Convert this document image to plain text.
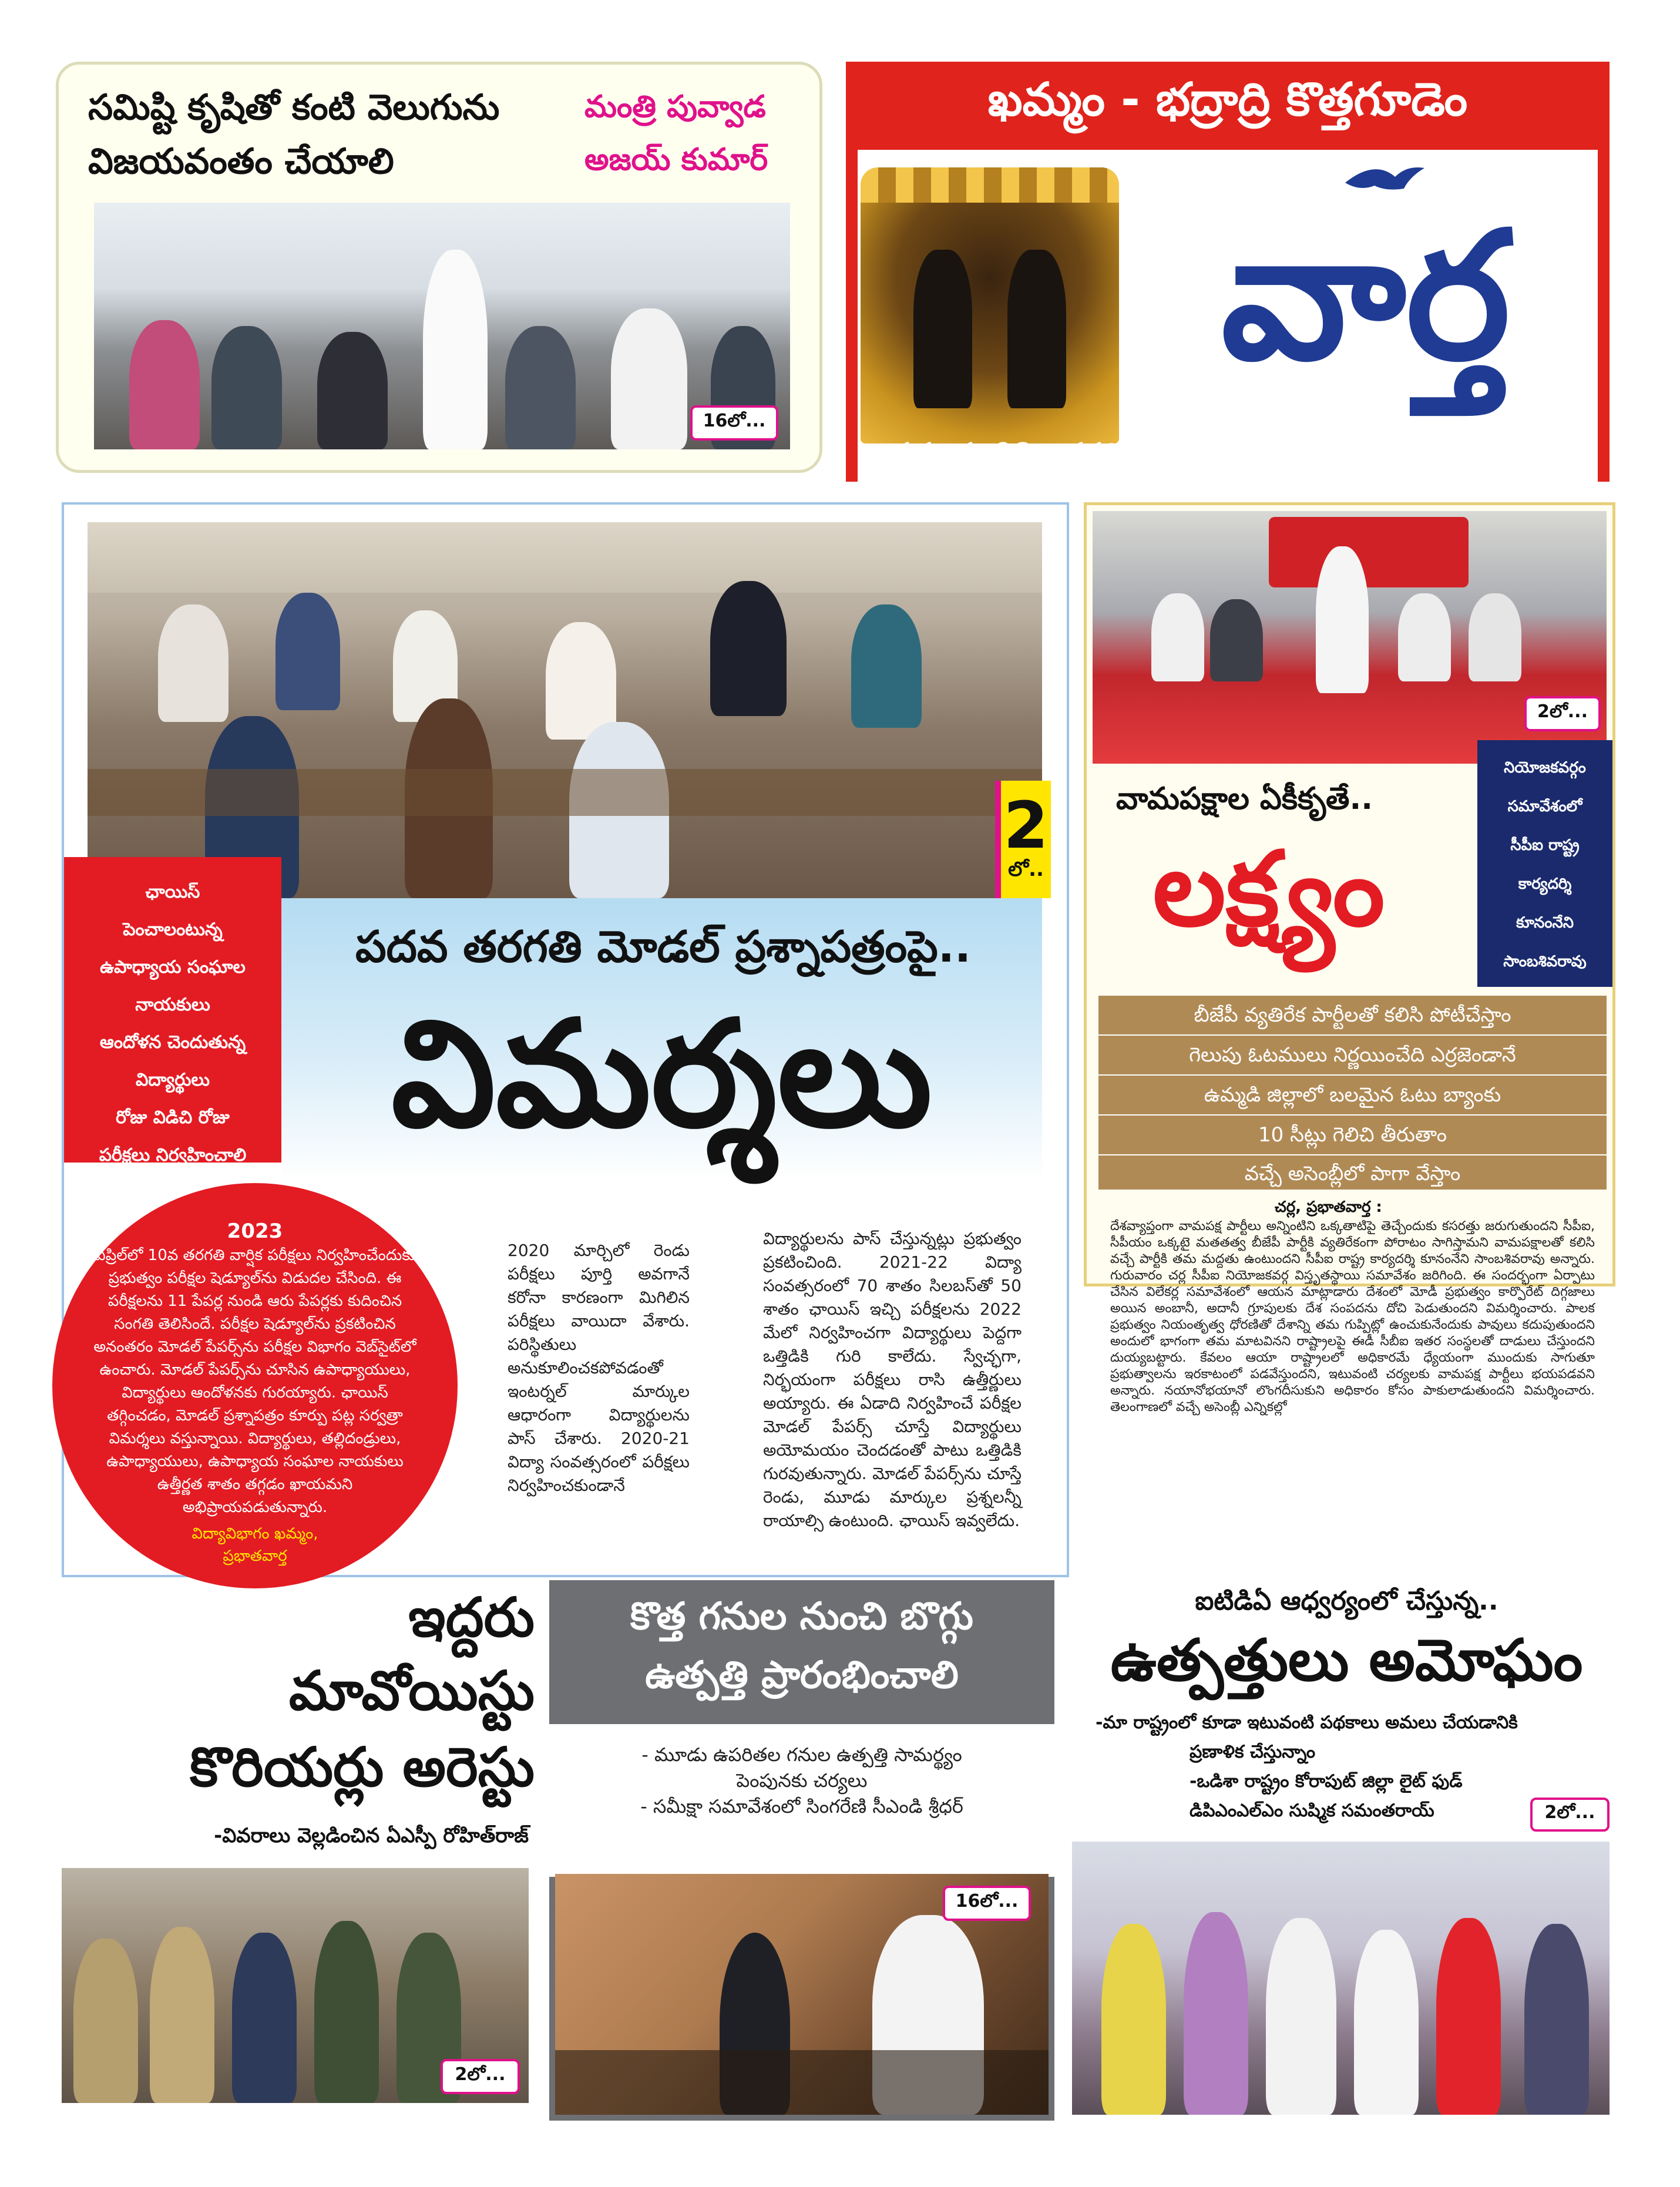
సమిష్టి కృషితో కంటి వెలుగును
విజయవంతం చేయాలి
మంత్రి పువ్వాడ
అజయ్ కుమార్
16లో...
ఖమ్మం - భద్రాద్రి కొత్తగూడెం
వార్త
శుక్రవారం 06, జనవరి 2023	16 పేజీలు
2
లో..
పదవ తరగతి మోడల్ ప్రశ్నాపత్రంపై..
విమర్శలు
ఛాయిస్
పెంచాలంటున్న
ఉపాధ్యాయ సంఘాల
నాయకులు
ఆందోళన చెందుతున్న
విద్యార్థులు
రోజు విడిచి రోజు
పరీక్షలు నిర్వహించాలి
2023
ఏప్రిల్‌లో 10వ తరగతి వార్షిక పరీక్షలు నిర్వహించేందుకు ప్రభుత్వం పరీక్షల షెడ్యూల్‌ను విడుదల చేసింది. ఈ పరీక్షలను 11 పేపర్ల నుండి ఆరు పేపర్లకు కుదించిన సంగతి తెలిసిందే. పరీక్షల షెడ్యూల్‌ను ప్రకటించిన అనంతరం మోడల్ పేపర్స్‌ను పరీక్షల విభాగం వెబ్‌సైట్‌లో ఉంచారు. మోడల్ పేపర్స్‌ను చూసిన ఉపాధ్యాయులు, విద్యార్థులు ఆందోళనకు గురయ్యారు. ఛాయిస్ తగ్గించడం, మోడల్ ప్రశ్నాపత్రం కూర్పు పట్ల సర్వత్రా విమర్శలు వస్తున్నాయి. విద్యార్థులు, తల్లిదండ్రులు, ఉపాధ్యాయులు, ఉపాధ్యాయ సంఘాల నాయకులు ఉత్తీర్ణత శాతం తగ్గడం ఖాయమని అభిప్రాయపడుతున్నారు.
విద్యావిభాగం ఖమ్మం,
ప్రభాతవార్త
2020 మార్చిలో రెండు పరీక్షలు పూర్తి అవగానే కరోనా కారణంగా మిగిలిన పరీక్షలు వాయిదా వేశారు. పరిస్థితులు అనుకూలించకపోవడంతో ఇంటర్నల్ మార్కుల ఆధారంగా విద్యార్థులను పాస్ చేశారు. 2020-21 విద్యా సంవత్సరంలో పరీక్షలు నిర్వహించకుండానే
విద్యార్థులను పాస్ చేస్తున్నట్లు ప్రభుత్వం ప్రకటించింది. 2021-22 విద్యా సంవత్సరంలో 70 శాతం సిలబస్‌తో 50 శాతం ఛాయిస్ ఇచ్చి పరీక్షలను 2022 మేలో నిర్వహించగా విద్యార్థులు పెద్దగా ఒత్తిడికి గురి కాలేదు. స్వేచ్ఛగా, నిర్భయంగా పరీక్షలు రాసి ఉత్తీర్ణులు అయ్యారు. ఈ ఏడాది నిర్వహించే పరీక్షల మోడల్ పేపర్స్ చూస్తే విద్యార్థులు అయోమయం చెందడంతో పాటు ఒత్తిడికి గురవుతున్నారు. మోడల్ పేపర్స్‌ను చూస్తే రెండు, మూడు మార్కుల ప్రశ్నలన్నీ రాయాల్సి ఉంటుంది. ఛాయిస్ ఇవ్వలేదు.
2లో...
వామపక్షాల ఏకీకృతే..
లక్ష్యం
నియోజకవర్గం
సమావేశంలో
సీపీఐ రాష్ట్ర
కార్యదర్శి
కూనంనేని
సాంబశివరావు
బీజేపీ వ్యతిరేక పార్టీలతో కలిసి పోటీచేస్తాం
గెలుపు ఓటములు నిర్ణయించేది ఎర్రజెండానే
ఉమ్మడి జిల్లాలో బలమైన ఓటు బ్యాంకు
10 సీట్లు గెలిచి తీరుతాం
వచ్చే అసెంబ్లీలో పాగా వేస్తాం
చర్ల, ప్రభాతవార్త :
దేశవ్యాప్తంగా వామపక్ష పార్టీలు అన్నింటిని ఒక్కతాటిపై తెచ్చేందుకు కసరత్తు జరుగుతుందని సీపీఐ, సీపీయం ఒక్కటై మతతత్వ బీజేపీ పార్టీకి వ్యతిరేకంగా పోరాటం సాగిస్తామని వామపక్షాలతో కలిసి వచ్చే పార్టీకి తమ మద్దతు ఉంటుందని సీపీఐ రాష్ట్ర కార్యదర్శి కూనంనేని సాంబశివరావు అన్నారు. గురువారం చర్ల సీపీఐ నియోజకవర్గ విస్తృతస్థాయి సమావేశం జరిగింది. ఈ సందర్భంగా ఏర్పాటు చేసిన విలేకర్ల సమావేశంలో ఆయన మాట్లాడారు దేశంలో మోడీ ప్రభుత్వం కార్పొరేట్ దిగ్గజాలు అయిన అంబానీ, అదానీ గ్రూపులకు దేశ సంపదను దోచి పెడుతుందని విమర్శించారు. పాలక ప్రభుత్వం నియంతృత్వ ధోరణితో దేశాన్ని తమ గుప్పిట్లో ఉంచుకునేందుకు పావులు కదుపుతుందని అందులో భాగంగా తమ మాటవినని రాష్ట్రాలపై ఈడీ సీబీఐ ఇతర సంస్థలతో దాడులు చేస్తుందని దుయ్యబట్టారు. కేవలం ఆయా రాష్ట్రాలలో అధికారమే ధ్యేయంగా ముందుకు సాగుతూ ప్రభుత్వాలను ఇరకాటంలో పడవేస్తుందని, ఇటువంటి చర్యలకు వామపక్ష పార్టీలు భయపడవని అన్నారు. నయానోభయానో లొంగదీసుకుని అధికారం కోసం పాకులాడుతుందని విమర్శించారు. తెలంగాణలో వచ్చే అసెంబ్లీ ఎన్నికల్లో
ఇద్దరు
మావోయిస్టు
కొరియర్లు అరెస్టు
-వివరాలు వెల్లడించిన ఏఎస్పీ రోహిత్‌రాజ్
2లో...
కొత్త గనుల నుంచి బొగ్గు
ఉత్పత్తి ప్రారంభించాలి
- మూడు ఉపరితల గనుల ఉత్పత్తి సామర్థ్యం
పెంపునకు చర్యలు
- సమీక్షా సమావేశంలో సింగరేణి సీఎండి శ్రీధర్
16లో...
ఐటిడిఏ ఆధ్వర్యంలో చేస్తున్న..
ఉత్పత్తులు అమోఘం
-మా రాష్ట్రంలో కూడా ఇటువంటి పథకాలు అమలు చేయడానికి
ప్రణాళిక చేస్తున్నాం
-ఒడిశా రాష్ట్రం కోరాపుట్ జిల్లా లైట్ ఫుడ్
డిపిఎంఎల్ఎం సుష్మిక సమంతరాయ్	2లో...
